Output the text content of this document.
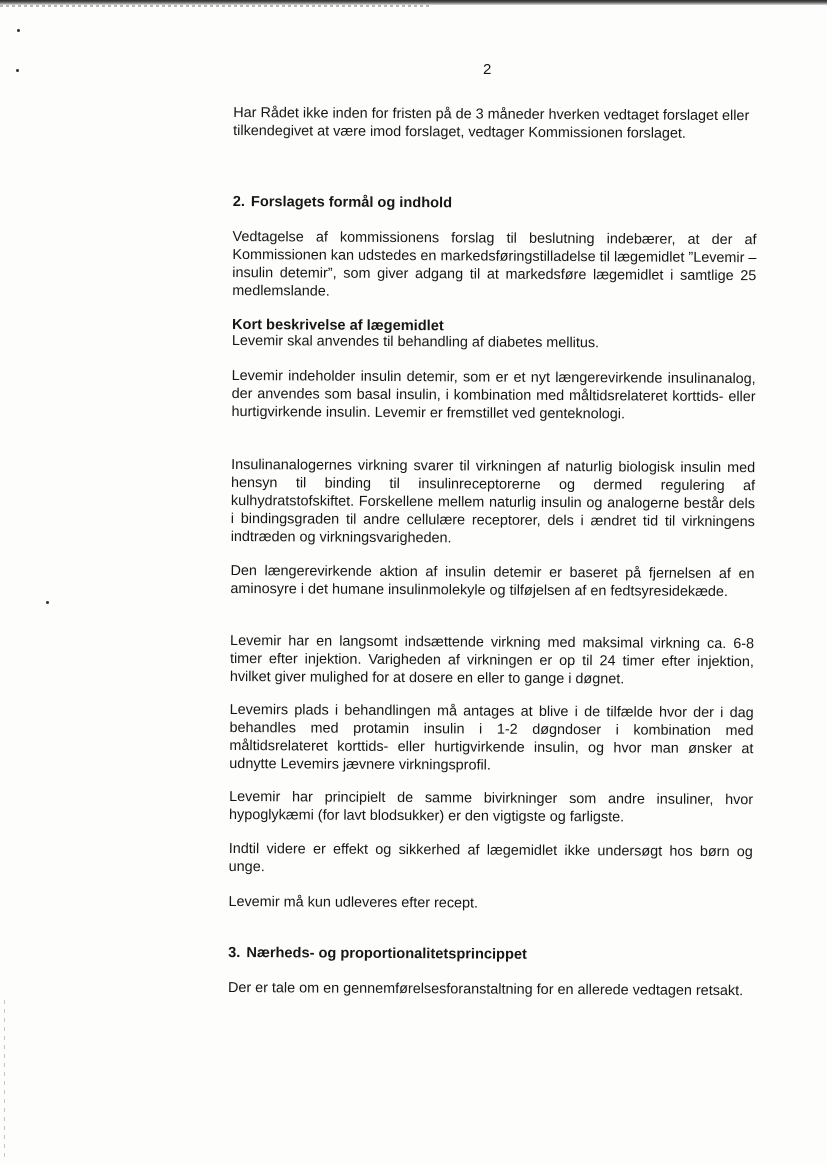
2

Har Rådet ikke inden for fristen på de 3 måneder hverken vedtaget forslaget eller tilkendegivet at være imod forslaget, vedtager Kommissionen forslaget.

2. Forslagets formål og indhold

Vedtagelse af kommissionens forslag til beslutning indebærer, at der af Kommissionen kan udstedes en markedsføringstilladelse til lægemidlet ”Levemir – insulin detemir”, som giver adgang til at markedsføre lægemidlet i samtlige 25 medlemslande.

Kort beskrivelse af lægemidlet

Levemir skal anvendes til behandling af diabetes mellitus.

Levemir indeholder insulin detemir, som er et nyt længerevirkende insulinanalog, der anvendes som basal insulin, i kombination med måltidsrelateret korttids- eller hurtigvirkende insulin. Levemir er fremstillet ved genteknologi.

Insulinanalogernes virkning svarer til virkningen af naturlig biologisk insulin med hensyn til binding til insulinreceptorerne og dermed regulering af kulhydratstofskiftet. Forskellene mellem naturlig insulin og analogerne består dels i bindingsgraden til andre cellulære receptorer, dels i ændret tid til virkningens indtræden og virkningsvarigheden.

Den længerevirkende aktion af insulin detemir er baseret på fjernelsen af en aminosyre i det humane insulinmolekyle og tilføjelsen af en fedtsyresidekæde.

Levemir har en langsomt indsættende virkning med maksimal virkning ca. 6-8 timer efter injektion. Varigheden af virkningen er op til 24 timer efter injektion, hvilket giver mulighed for at dosere en eller to gange i døgnet.

Levemirs plads i behandlingen må antages at blive i de tilfælde hvor der i dag behandles med protamin insulin i 1-2 døgndoser i kombination med måltidsrelateret korttids- eller hurtigvirkende insulin, og hvor man ønsker at udnytte Levemirs jævnere virkningsprofil.

Levemir har principielt de samme bivirkninger som andre insuliner, hvor hypoglykæmi (for lavt blodsukker) er den vigtigste og farligste.

Indtil videre er effekt og sikkerhed af lægemidlet ikke undersøgt hos børn og unge.

Levemir må kun udleveres efter recept.

3. Nærheds- og proportionalitetsprincippet

Der er tale om en gennemførelsesforanstaltning for en allerede vedtagen retsakt.
